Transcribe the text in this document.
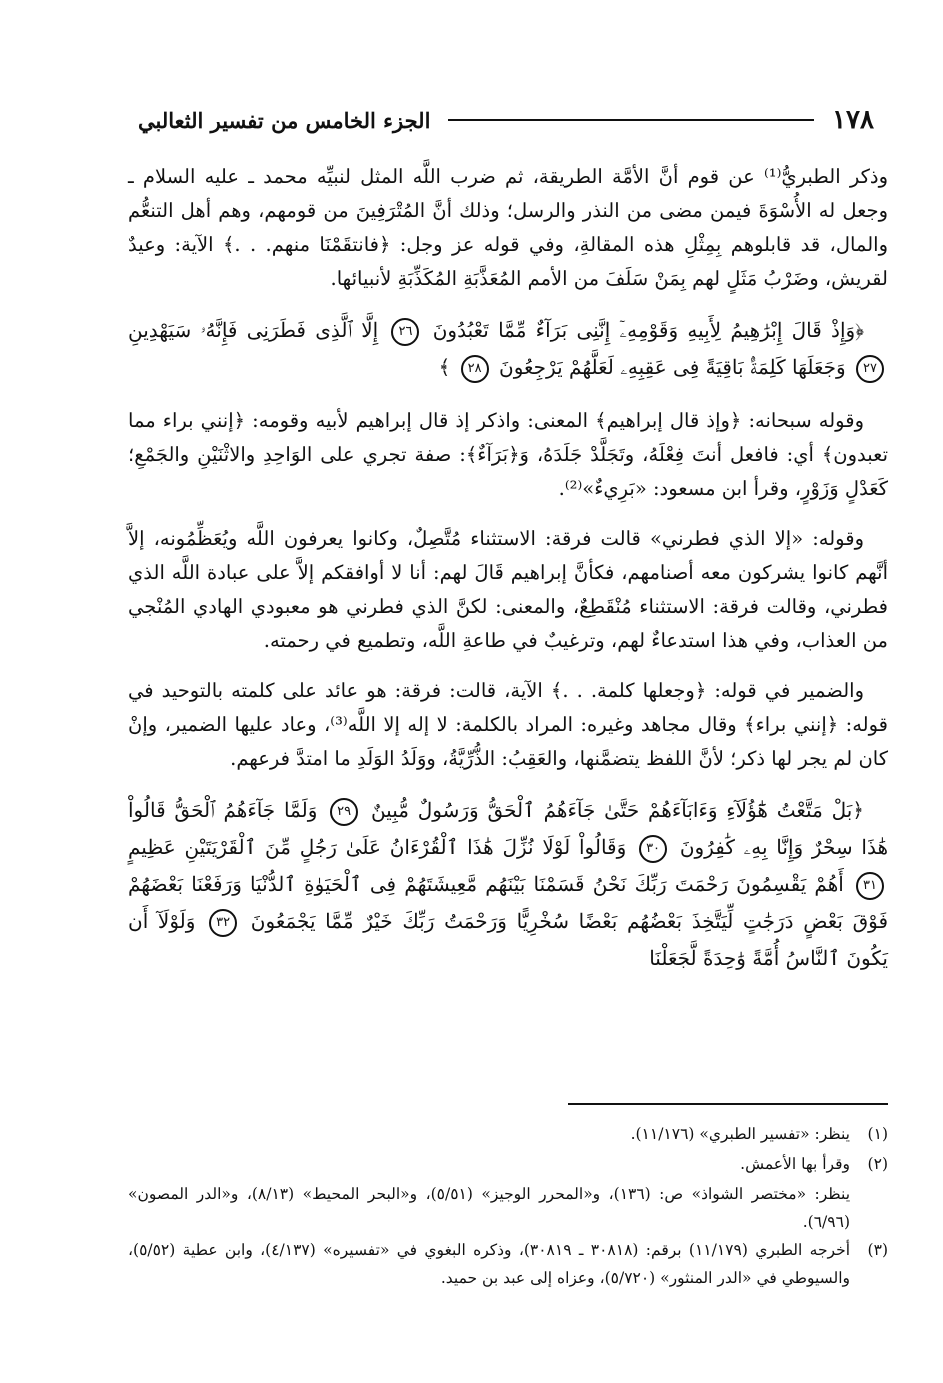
١٧٨
الجزء الخامس من تفسير الثعالبي

وذكر الطبريُّ⁽¹⁾ عن قوم أنَّ الأمَّة الطريقة، ثم ضرب اللَّه المثل لنبيِّه محمد ـ عليه السلام ـ وجعل له الأُسْوَةَ فيمن مضى من النذر والرسل؛ وذلك أنَّ المُتْرَفِينَ من قومهم، وهم أهل التنعُّم والمال، قد قابلوهم بِمِثْلِ هذه المقالةِ، وفي قوله عز وجل: ﴿فانتقَمْنَا منهم. . .﴾ الآية: وعيدٌ لقريش، وضَرْبُ مَثَلٍ لهم بِمَنْ سَلَفَ من الأمم المُعَذَّبَةِ المُكَذِّبَةِ لأنبيائها.

﴿وَإِذْ قَالَ إِبْرَٰهِيمُ لِأَبِيهِ وَقَوْمِهِۦٓ إِنَّنِى بَرَآءٌ مِّمَّا تَعْبُدُونَ ٢٦ إِلَّا ٱلَّذِى فَطَرَنِى فَإِنَّهُۥ سَيَهْدِينِ ٢٧ وَجَعَلَهَا كَلِمَةًۢ بَاقِيَةً فِى عَقِبِهِۦ لَعَلَّهُمْ يَرْجِعُونَ ٢٨ ﴾

وقوله سبحانه: ﴿وإذ قال إبراهيم﴾ المعنى: واذكر إذ قال إبراهيم لأبيه وقومه: ﴿إنني براء مما تعبدون﴾ أي: فافعل أنتَ فِعْلَهُ، وتَجَلَّدْ جَلَدَهُ، وَ﴿بَرَآءٌ﴾: صفة تجري على الوَاحِدِ والاثْنَيْنِ والجَمْعِ؛ كَعَدْلٍ وَزَوْرٍ، وقرأ ابن مسعود: «بَرِيءٌ»⁽²⁾.

وقوله: «إلا الذي فطرني» قالت فرقة: الاستثناء مُتَّصِلٌ، وكانوا يعرفون اللَّه ويُعَظِّمُونه، إلاَّ أنَّهم كانوا يشركون معه أصنامهم، فكأنَّ إبراهيم قَالَ لهم: أنا لا أوافقكم إلاَّ على عبادة اللَّه الذي فطرني، وقالت فرقة: الاستثناء مُنْقَطِعٌ، والمعنى: لكنَّ الذي فطرني هو معبودي الهادي المُنْجي من العذاب، وفي هذا استدعاءٌ لهم، وترغيبٌ في طاعةِ اللَّه، وتطميع في رحمته.

والضمير في قوله: ﴿وجعلها كلمة. . .﴾ الآية، قالت: فرقة: هو عائد على كلمته بالتوحيد في قوله: ﴿إنني براء﴾ وقال مجاهد وغيره: المراد بالكلمة: لا إله إلا اللَّه⁽³⁾، وعاد عليها الضمير، وإنْ كان لم يجر لها ذكر؛ لأنَّ اللفظ يتضمَّنها، والعَقِبُ: الذُّرِّيَّةُ، ووَلَدُ الوَلَدِ ما امتدَّ فرعهم.

﴿بَلْ مَتَّعْتُ هَٰٓؤُلَآءِ وَءَابَآءَهُمْ حَتَّىٰ جَآءَهُمُ ٱلْحَقُّ وَرَسُولٌ مُّبِينٌ ٢٩ وَلَمَّا جَآءَهُمُ ٱلْحَقُّ قَالُواْ هَٰذَا سِحْرٌ وَإِنَّا بِهِۦ كَٰفِرُونَ ٣٠ وَقَالُواْ لَوْلَا نُزِّلَ هَٰذَا ٱلْقُرْءَانُ عَلَىٰ رَجُلٍ مِّنَ ٱلْقَرْيَتَيْنِ عَظِيمٍ ٣١ أَهُمْ يَقْسِمُونَ رَحْمَتَ رَبِّكَ نَحْنُ قَسَمْنَا بَيْنَهُم مَّعِيشَتَهُمْ فِى ٱلْحَيَوٰةِ ٱلدُّنْيَا وَرَفَعْنَا بَعْضَهُمْ فَوْقَ بَعْضٍ دَرَجَٰتٍ لِّيَتَّخِذَ بَعْضُهُم بَعْضًا سُخْرِيًّا وَرَحْمَتُ رَبِّكَ خَيْرٌ مِّمَّا يَجْمَعُونَ ٣٢ وَلَوْلَآ أَن يَكُونَ ٱلنَّاسُ أُمَّةً وَٰحِدَةً لَّجَعَلْنَا

(١)
ينظر: «تفسير الطبري» (١١/١٧٦).
(٢)
وقرأ بها الأعمش.
ينظر: «مختصر الشواذ» ص: (١٣٦)، و«المحرر الوجيز» (٥/٥١)، و«البحر المحيط» (٨/١٣)، و«الدر المصون» (٦/٩٦).
(٣)
أخرجه الطبري (١١/١٧٩) برقم: (٣٠٨١٨ ـ ٣٠٨١٩)، وذكره البغوي في «تفسيره» (٤/١٣٧)، وابن عطية (٥/٥٢)، والسيوطي في «الدر المنثور» (٥/٧٢٠)، وعزاه إلى عبد بن حميد.
